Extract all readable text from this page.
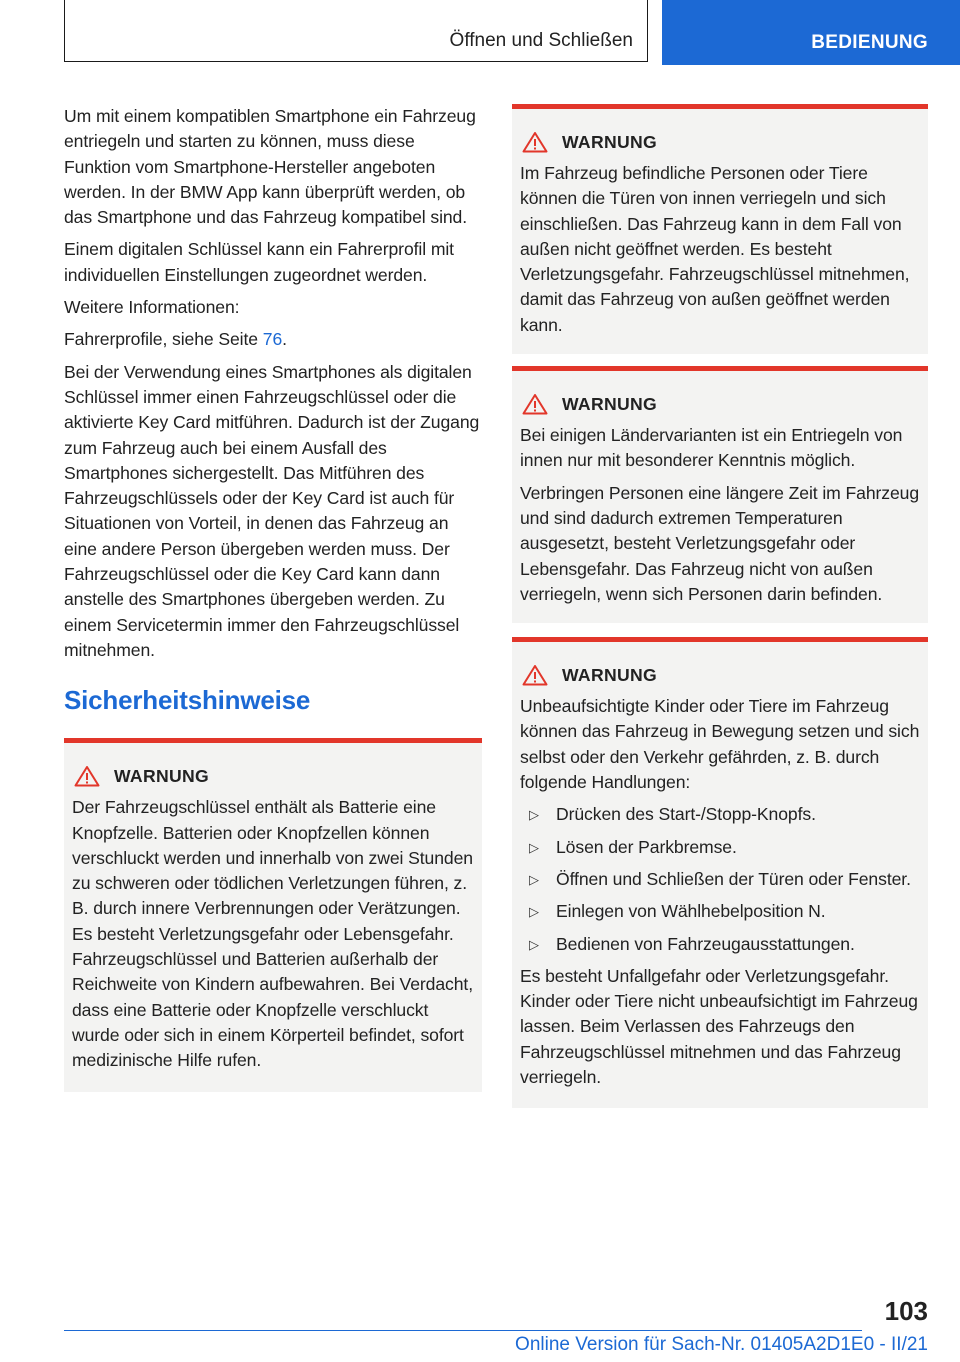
Öffnen und Schließen	BEDIENUNG

Um mit einem kompatiblen Smartphone ein Fahrzeug entriegeln und starten zu können, muss diese Funktion vom Smartphone-Hersteller angeboten werden. In der BMW App kann überprüft werden, ob das Smartphone und das Fahrzeug kompatibel sind.

Einem digitalen Schlüssel kann ein Fahrerprofil mit individuellen Einstellungen zugeordnet werden.

Weitere Informationen:

Fahrerprofile, siehe Seite 76.

Bei der Verwendung eines Smartphones als digitalen Schlüssel immer einen Fahrzeugschlüssel oder die aktivierte Key Card mitführen. Dadurch ist der Zugang zum Fahrzeug auch bei einem Ausfall des Smartphones sichergestellt. Das Mitführen des Fahrzeugschlüssels oder der Key Card ist auch für Situationen von Vorteil, in denen das Fahrzeug an eine andere Person übergeben werden muss. Der Fahrzeugschlüssel oder die Key Card kann dann anstelle des Smartphones übergeben werden. Zu einem Servicetermin immer den Fahrzeugschlüssel mitnehmen.

Sicherheitshinweise
WARNUNG

Der Fahrzeugschlüssel enthält als Batterie eine Knopfzelle. Batterien oder Knopfzellen können verschluckt werden und innerhalb von zwei Stunden zu schweren oder tödlichen Verletzungen führen, z. B. durch innere Verbrennungen oder Verätzungen. Es besteht Verletzungsgefahr oder Lebensgefahr. Fahrzeugschlüssel und Batterien außerhalb der Reichweite von Kindern aufbewahren. Bei Verdacht, dass eine Batterie oder Knopfzelle verschluckt wurde oder sich in einem Körperteil befindet, sofort medizinische Hilfe rufen.

WARNUNG

Im Fahrzeug befindliche Personen oder Tiere können die Türen von innen verriegeln und sich einschließen. Das Fahrzeug kann in dem Fall von außen nicht geöffnet werden. Es besteht Verletzungsgefahr. Fahrzeugschlüssel mitnehmen, damit das Fahrzeug von außen geöffnet werden kann.

WARNUNG

Bei einigen Ländervarianten ist ein Entriegeln von innen nur mit besonderer Kenntnis möglich.

Verbringen Personen eine längere Zeit im Fahrzeug und sind dadurch extremen Temperaturen ausgesetzt, besteht Verletzungsgefahr oder Lebensgefahr. Das Fahrzeug nicht von außen verriegeln, wenn sich Personen darin befinden.

WARNUNG

Unbeaufsichtigte Kinder oder Tiere im Fahrzeug können das Fahrzeug in Bewegung setzen und sich selbst oder den Verkehr gefährden, z. B. durch folgende Handlungen:

▷ Drücken des Start-/Stopp-Knopfs.
▷ Lösen der Parkbremse.
▷ Öffnen und Schließen der Türen oder Fenster.
▷ Einlegen von Wählhebelposition N.
▷ Bedienen von Fahrzeugausstattungen.

Es besteht Unfallgefahr oder Verletzungsgefahr. Kinder oder Tiere nicht unbeaufsichtigt im Fahrzeug lassen. Beim Verlassen des Fahrzeugs den Fahrzeugschlüssel mitnehmen und das Fahrzeug verriegeln.

103
Online Version für Sach-Nr. 01405A2D1E0 - II/21
